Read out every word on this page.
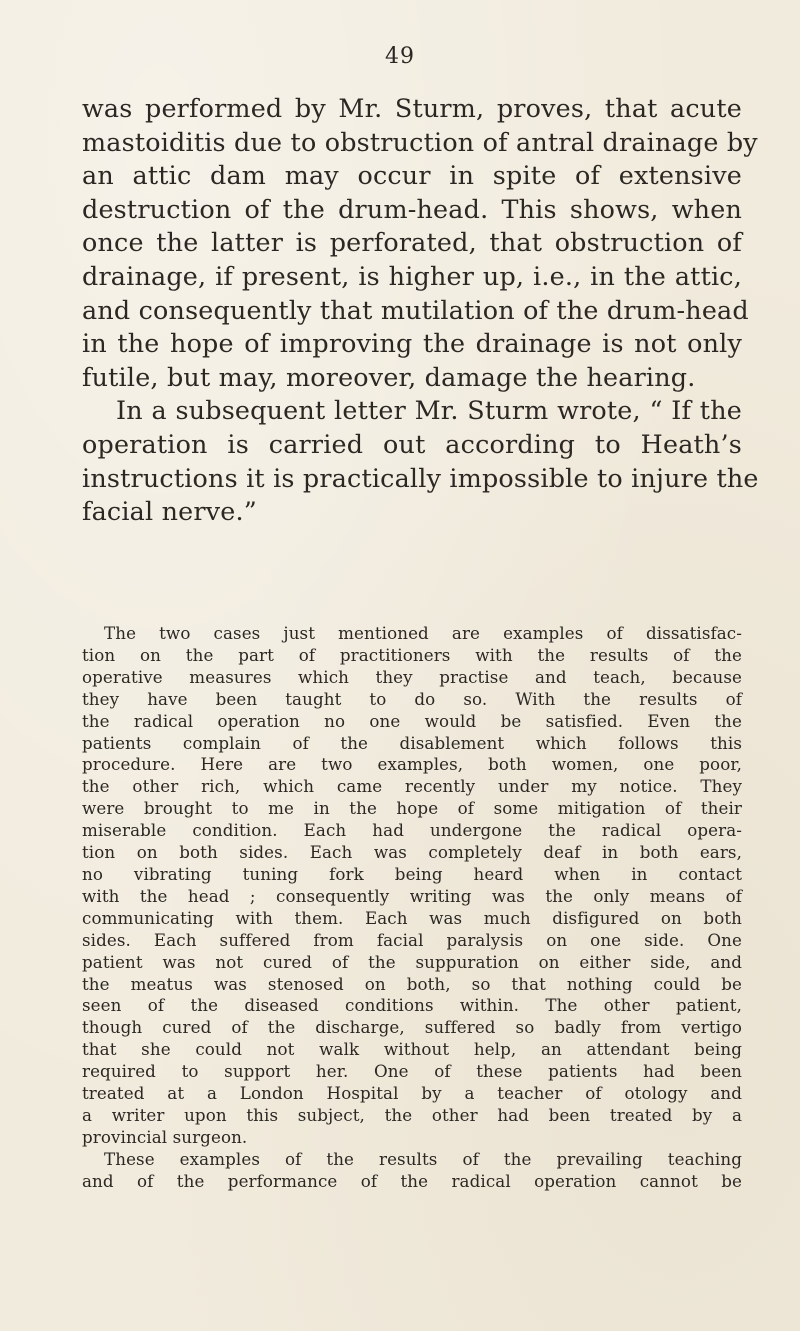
49
was performed by Mr. Sturm, proves, that acute
mastoiditis due to obstruction of antral drainage by
an attic dam may occur in spite of extensive
destruction of the drum-head. This shows, when
once the latter is perforated, that obstruction of
drainage, if present, is higher up, i.e., in the attic,
and consequently that mutilation of the drum-head
in the hope of improving the drainage is not only
futile, but may, moreover, damage the hearing.
In a subsequent letter Mr. Sturm wrote, “ If the
operation is carried out according to Heath’s
instructions it is practically impossible to injure the
facial nerve.”
The two cases just mentioned are examples of dissatisfac-
tion on the part of practitioners with the results of the
operative measures which they practise and teach, because
they have been taught to do so. With the results of
the radical operation no one would be satisfied. Even the
patients complain of the disablement which follows this
procedure. Here are two examples, both women, one poor,
the other rich, which came recently under my notice. They
were brought to me in the hope of some mitigation of their
miserable condition. Each had undergone the radical opera-
tion on both sides. Each was completely deaf in both ears,
no vibrating tuning fork being heard when in contact
with the head ; consequently writing was the only means of
communicating with them. Each was much disfigured on both
sides. Each suffered from facial paralysis on one side. One
patient was not cured of the suppuration on either side, and
the meatus was stenosed on both, so that nothing could be
seen of the diseased conditions within. The other patient,
though cured of the discharge, suffered so badly from vertigo
that she could not walk without help, an attendant being
required to support her. One of these patients had been
treated at a London Hospital by a teacher of otology and
a writer upon this subject, the other had been treated by a
provincial surgeon.
These examples of the results of the prevailing teaching
and of the performance of the radical operation cannot be
